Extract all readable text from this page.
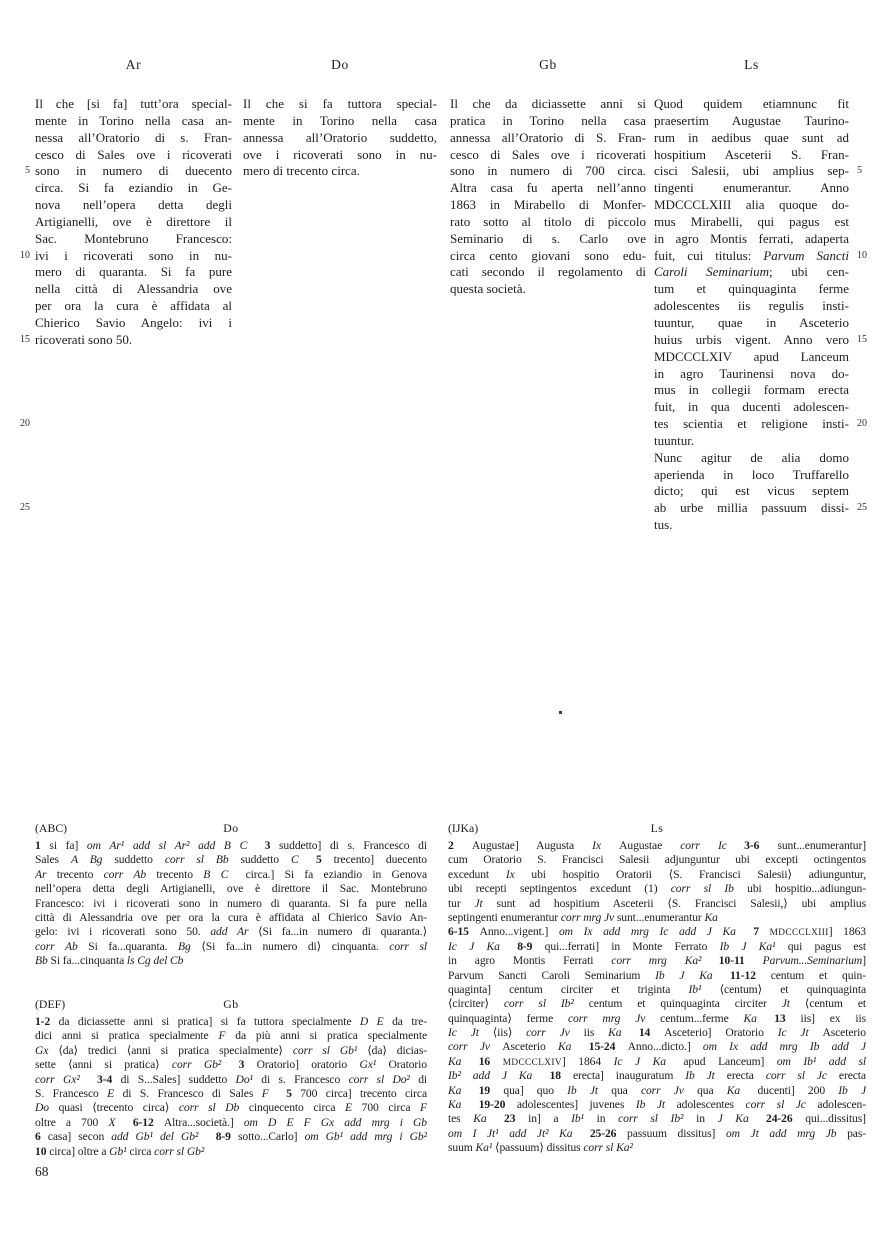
Ar	Do	Gb	Ls
5
10
15
20
25
5
10
15
20
25
Il che [si fa] tutt’ora special-
mente in Torino nella casa an-
nessa all’Oratorio di s. Fran-
cesco di Sales ove i ricoverati
sono in numero di duecento
circa. Si fa eziandio in Ge-
nova nell’opera detta degli
Artigianelli, ove è direttore il
Sac. Montebruno Francesco:
ivi i ricoverati sono in nu-
mero di quaranta. Si fa pure
nella città di Alessandria ove
per ora la cura è affidata al
Chierico Savio Angelo: ivi i
ricoverati sono 50.
Il che si fa tuttora special-
mente in Torino nella casa
annessa all’Oratorio suddetto,
ove i ricoverati sono in nu-
mero di trecento circa.
Il che da diciassette anni si
pratica in Torino nella casa
annessa all’Oratorio di S. Fran-
cesco di Sales ove i ricoverati
sono in numero di 700 circa.
Altra casa fu aperta nell’anno
1863 in Mirabello di Monfer-
rato sotto al titolo di piccolo
Seminario di s. Carlo ove
circa cento giovani sono edu-
cati secondo il regolamento di
questa società.
Quod quidem etiamnunc fit
praesertim Augustae Taurino-
rum in aedibus quae sunt ad
hospitium Asceterii S. Fran-
cisci Salesii, ubi amplius sep-
tingenti enumerantur. Anno
MDCCCLXIII alia quoque do-
mus Mirabelli, qui pagus est
in agro Montis ferrati, adaperta
fuit, cui titulus: Parvum Sancti
Caroli Seminarium; ubi cen-
tum et quinquaginta ferme
adolescentes iis regulis insti-
tuuntur, quae in Asceterio
huius urbis vigent. Anno vero
MDCCCLXIV apud Lanceum
in agro Taurinensi nova do-
mus in collegii formam erecta
fuit, in qua ducenti adolescen-
tes scientia et religione insti-
tuuntur.
Nunc agitur de alia domo
aperienda in loco Truffarello
dicto; qui est vicus septem
ab urbe millia passuum dissi-
tus.
(ABC)	Do
1 si fa] om Ar¹ add sl Ar² add B C 3 suddetto] di s. Francesco di
Sales A Bg suddetto corr sl Bb suddetto C 5 trecento] duecento
Ar trecento corr Ab trecento B C circa.] Si fa eziandio in Genova
nell’opera detta degli Artigianelli, ove è direttore il Sac. Montebruno
Francesco: ivi i ricoverati sono in numero di quaranta. Si fa pure nella
città di Alessandria ove per ora la cura è affidata al Chierico Savio An-
gelo: ivi i ricoverati sono 50. add Ar ⟨Si fa...in numero di quaranta.⟩
corr Ab Si fa...quaranta. Bg ⟨Si fa...in numero di⟩ cinquanta. corr sl
Bb Si fa...cinquanta ls Cg del Cb
(DEF)	Gb
1-2 da diciassette anni si pratica] si fa tuttora specialmente D E da tre-
dici anni si pratica specialmente F da più anni si pratica specialmente
Gx ⟨da⟩ tredici ⟨anni si pratica specialmente⟩ corr sl Gb¹ ⟨da⟩ dicias-
sette ⟨anni si pratica⟩ corr Gb² 3 Oratorio] oratorio Gx¹ Oratorio
corr Gx² 3-4 di S...Sales] suddetto Do¹ di s. Francesco corr sl Do² di
S. Francesco E di S. Francesco di Sales F 5 700 circa] trecento circa
Do quasi ⟨trecento circa⟩ corr sl Db cinquecento circa E 700 circa F
oltre a 700 X 6-12 Altra...società.] om D E F Gx add mrg i Gb
6 casa] secon add Gb¹ del Gb² 8-9 sotto...Carlo] om Gb¹ add mrg i Gb²
10 circa] oltre a Gb¹ circa corr sl Gb²
(IJKa)	Ls
2 Augustae] Augusta Ix Augustae corr Ic 3-6 sunt...enumerantur]
cum Oratorio S. Francisci Salesii adjunguntur ubi excepti octingentos
excedunt Ix ubi hospitio Oratorii ⟨S. Francisci Salesii⟩ adiunguntur,
ubi recepti septingentos excedunt (1) corr sl Ib ubi hospitio...adiungun-
tur Jt sunt ad hospitium Asceterii ⟨S. Francisci Salesii,⟩ ubi amplius
septingenti enumerantur corr mrg Jv sunt...enumerantur Ka
6-15 Anno...vigent.] om Ix add mrg Ic add J Ka 7 MDCCCLXIII] 1863
Ic J Ka 8-9 qui...ferrati] in Monte Ferrato Ib J Ka¹ qui pagus est
in agro Montis Ferrati corr mrg Ka² 10-11 Parvum...Seminarium]
Parvum Sancti Caroli Seminarium Ib J Ka 11-12 centum et quin-
quaginta] centum circiter et triginta Ib¹ ⟨centum⟩ et quinquaginta
⟨circiter⟩ corr sl Ib² centum et quinquaginta circiter Jt ⟨centum et
quinquaginta⟩ ferme corr mrg Jv centum...ferme Ka 13 iis] ex iis
Ic Jt ⟨iis⟩ corr Jv iis Ka 14 Asceterio] Oratorio Ic Jt Asceterio
corr Jv Asceterio Ka 15-24 Anno...dicto.] om Ix add mrg Ib add J
Ka 16 MDCCCLXIV] 1864 Ic J Ka apud Lanceum] om Ib¹ add sl
Ib² add J Ka 18 erecta] inauguratum Ib Jt erecta corr sl Jc erecta
Ka 19 qua] quo Ib Jt qua corr Jv qua Ka ducenti] 200 Ib J
Ka 19-20 adolescentes] juvenes Ib Jt adolescentes corr sl Jc adolescen-
tes Ka 23 in] a Ib¹ in corr sl Ib² in J Ka 24-26 qui...dissitus]
om I Jt¹ add Jt² Ka 25-26 passuum dissitus] om Jt add mrg Jb pas-
suum Ka¹ ⟨passuum⟩ dissitus corr sl Ka²
68
